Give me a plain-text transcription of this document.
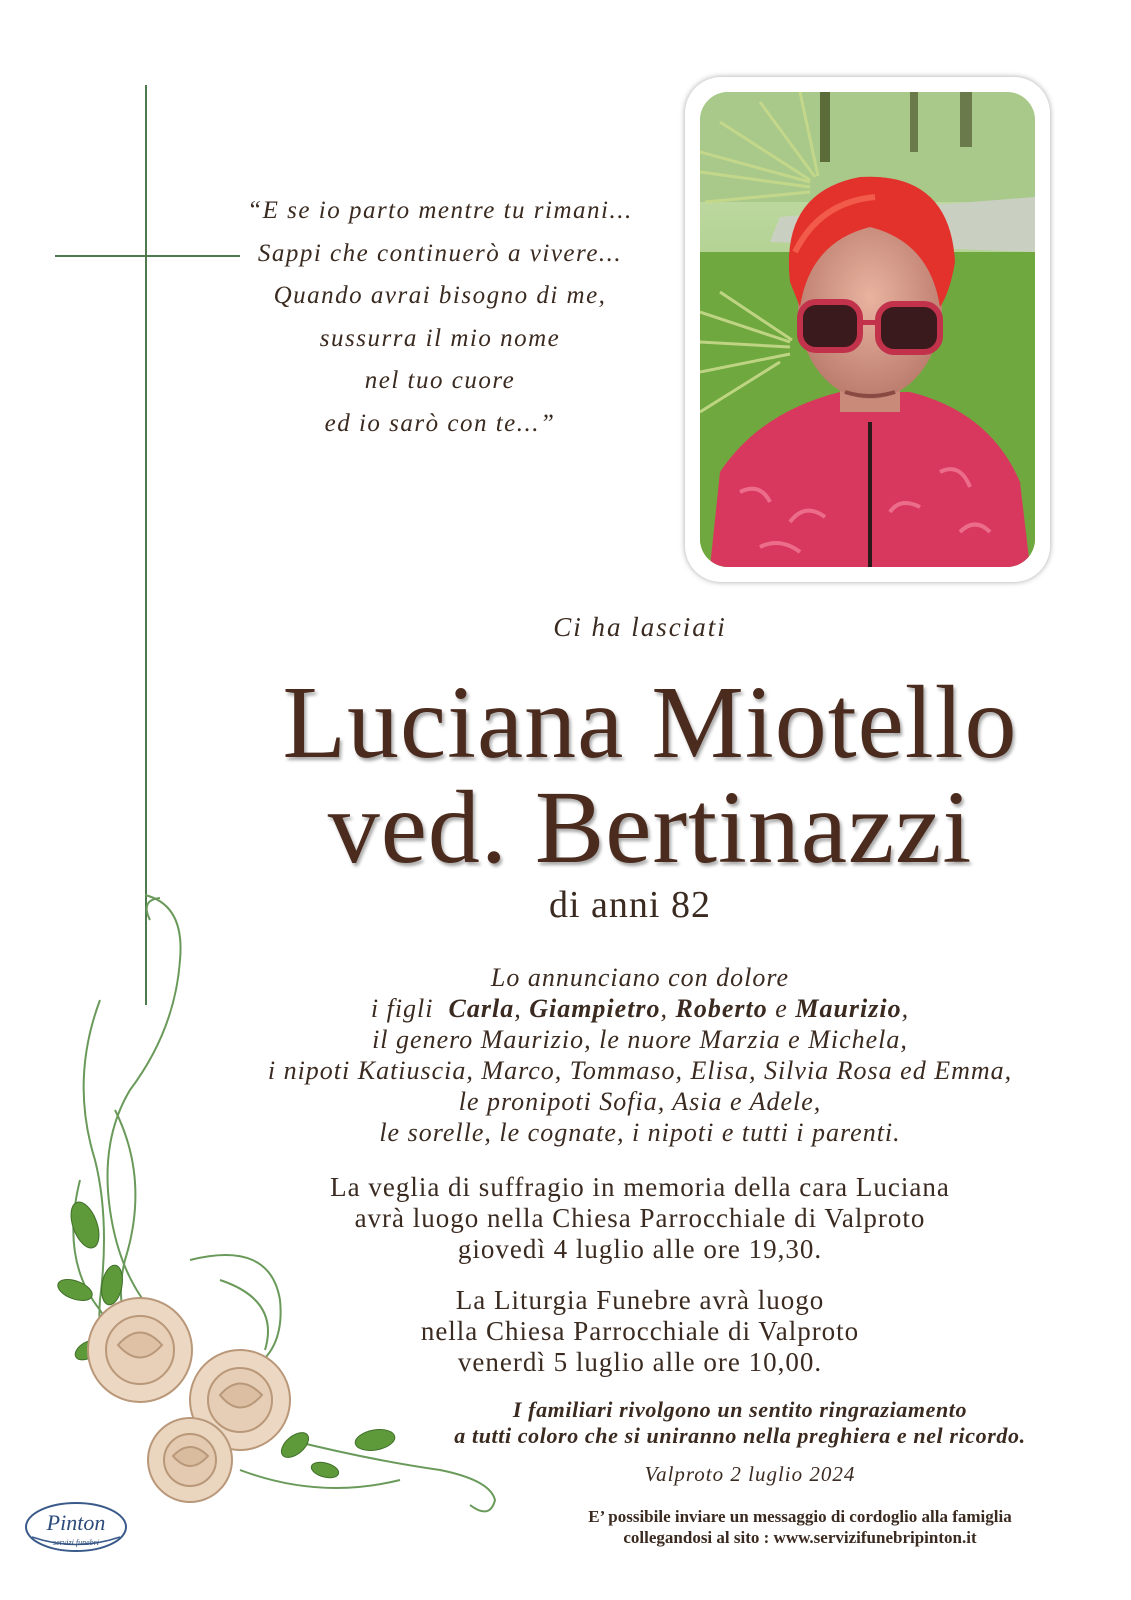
“E se io parto mentre tu rimani...
Sappi che continuerò a vivere...
Quando avrai bisogno di me,
sussurra il mio nome
nel tuo cuore
ed io sarò con te...”
Ci ha lasciati
Luciana Miotello
ved. Bertinazzi
di anni 82
Lo annunciano con dolore
i figli Carla, Giampietro, Roberto e Maurizio,
il genero Maurizio, le nuore Marzia e Michela,
i nipoti Katiuscia, Marco, Tommaso, Elisa, Silvia Rosa ed Emma,
le pronipoti Sofia, Asia e Adele,
le sorelle, le cognate, i nipoti e tutti i parenti.
La veglia di suffragio in memoria della cara Luciana
avrà luogo nella Chiesa Parrocchiale di Valproto
giovedì 4 luglio alle ore 19,30.
La Liturgia Funebre avrà luogo
nella Chiesa Parrocchiale di Valproto
venerdì 5 luglio alle ore 10,00.
I familiari rivolgono un sentito ringraziamento
a tutti coloro che si uniranno nella preghiera e nel ricordo.
Valproto 2 luglio 2024
E’ possibile inviare un messaggio di cordoglio alla famiglia
collegandosi al sito : www.servizifunebripinton.it
Pinton
servizi funebri
